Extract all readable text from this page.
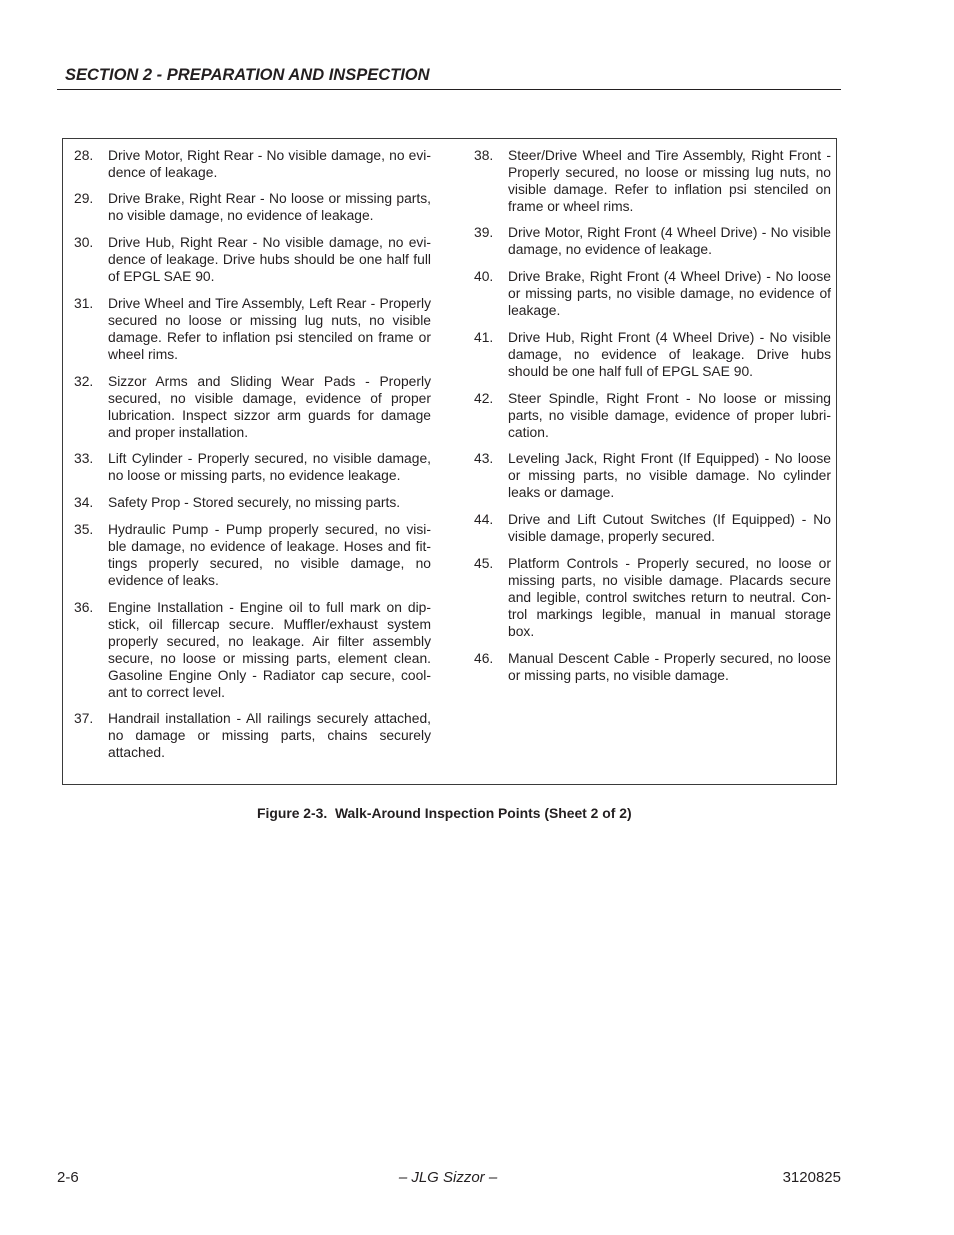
SECTION 2 - PREPARATION AND INSPECTION
28.	Drive Motor, Right Rear - No visible damage, no evi-
dence of leakage.
29.	Drive Brake, Right Rear - No loose or missing parts,
no visible damage, no evidence of leakage.
30.	Drive Hub, Right Rear - No visible damage, no evi-
dence of leakage. Drive hubs should be one half full
of EPGL SAE 90.
31.	Drive Wheel and Tire Assembly, Left Rear - Properly
secured no loose or missing lug nuts, no visible
damage. Refer to inflation psi stenciled on frame or
wheel rims.
32.	Sizzor Arms and Sliding Wear Pads - Properly
secured, no visible damage, evidence of proper
lubrication. Inspect sizzor arm guards for damage
and proper installation.
33.	Lift Cylinder - Properly secured, no visible damage,
no loose or missing parts, no evidence leakage.
34.	Safety Prop - Stored securely, no missing parts.
35.	Hydraulic Pump - Pump properly secured, no visi-
ble damage, no evidence of leakage. Hoses and fit-
tings properly secured, no visible damage, no
evidence of leaks.
36.	Engine Installation - Engine oil to full mark on dip-
stick, oil fillercap secure. Muffler/exhaust system
properly secured, no leakage. Air filter assembly
secure, no loose or missing parts, element clean.
Gasoline Engine Only - Radiator cap secure, cool-
ant to correct level.
37.	Handrail installation - All railings securely attached,
no damage or missing parts, chains securely
attached.
38.	Steer/Drive Wheel and Tire Assembly, Right Front -
Properly secured, no loose or missing lug nuts, no
visible damage. Refer to inflation psi stenciled on
frame or wheel rims.
39.	Drive Motor, Right Front (4 Wheel Drive) - No visible
damage, no evidence of leakage.
40.	Drive Brake, Right Front (4 Wheel Drive) - No loose
or missing parts, no visible damage, no evidence of
leakage.
41.	Drive Hub, Right Front (4 Wheel Drive) - No visible
damage, no evidence of leakage. Drive hubs
should be one half full of EPGL SAE 90.
42.	Steer Spindle, Right Front - No loose or missing
parts, no visible damage, evidence of proper lubri-
cation.
43.	Leveling Jack, Right Front (If Equipped) - No loose
or missing parts, no visible damage. No cylinder
leaks or damage.
44.	Drive and Lift Cutout Switches (If Equipped) - No
visible damage, properly secured.
45.	Platform Controls - Properly secured, no loose or
missing parts, no visible damage. Placards secure
and legible, control switches return to neutral. Con-
trol markings legible, manual in manual storage
box.
46.	Manual Descent Cable - Properly secured, no loose
or missing parts, no visible damage.
Figure 2-3.  Walk-Around Inspection Points (Sheet 2 of 2)
2-6	– JLG Sizzor –	3120825
